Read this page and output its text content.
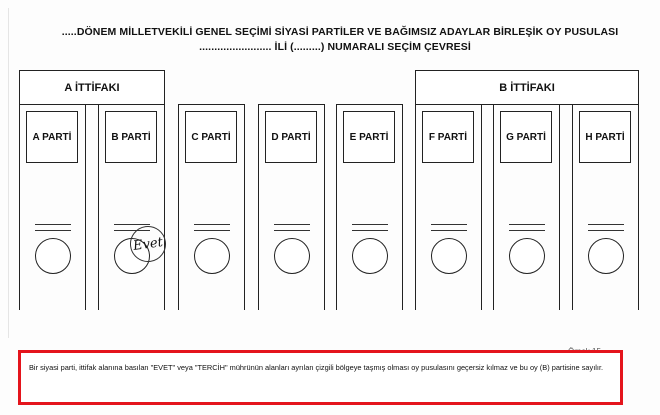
.....DÖNEM MİLLETVEKİLİ GENEL SEÇİMİ SİYASİ PARTİLER VE BAĞIMSIZ ADAYLAR BİRLEŞİK OY PUSULASI
........................ İLİ (.........) NUMARALI SEÇİM ÇEVRESİ
A İTTİFAKI	B İTTİFAKI
A PARTİ	B PARTİ	C PARTİ	D PARTİ	E PARTİ	F PARTİ	G PARTİ	H PARTİ
Evet
Bir siyasi parti, ittifak alanına basılan "EVET" veya "TERCİH" mührünün alanları ayrılan çizgili bölgeye taşmış olması oy pusulasını geçersiz kılmaz ve bu oy (B) partisine sayılır.
